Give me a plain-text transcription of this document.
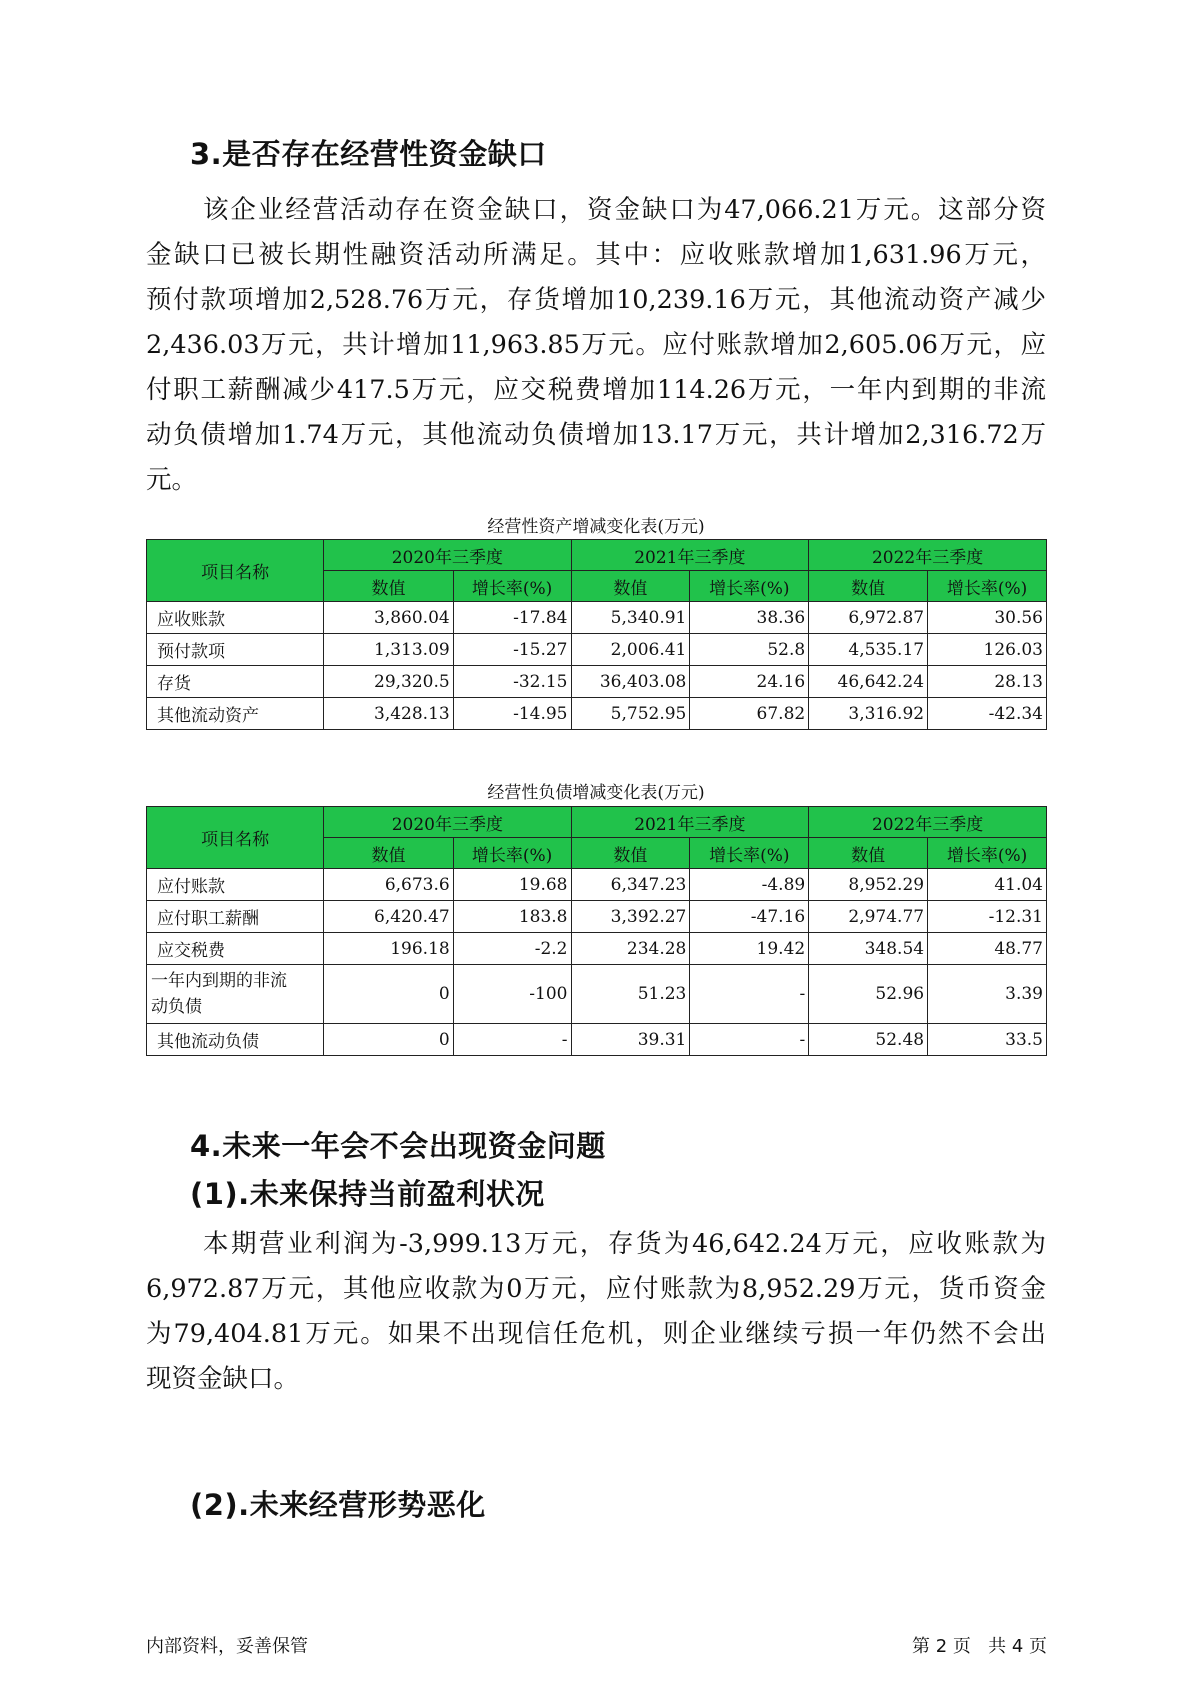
3.是否存在经营性资金缺口
该企业经营活动存在资金缺口，资金缺口为47,066.21万元。这部分资
金缺口已被长期性融资活动所满足。其中：应收账款增加1,631.96万元，
预付款项增加2,528.76万元，存货增加10,239.16万元，其他流动资产减少
2,436.03万元，共计增加11,963.85万元。应付账款增加2,605.06万元，应
付职工薪酬减少417.5万元，应交税费增加114.26万元，一年内到期的非流
动负债增加1.74万元，其他流动负债增加13.17万元，共计增加2,316.72万
元。
经营性资产增减变化表(万元)
项目名称	2020年三季度		2021年三季度		2022年三季度	
	数值	增长率(%)	数值	增长率(%)	数值	增长率(%)
应收账款	3,860.04	-17.84	5,340.91	38.36	6,972.87	30.56
预付款项	1,313.09	-15.27	2,006.41	52.8	4,535.17	126.03
存货	29,320.5	-32.15	36,403.08	24.16	46,642.24	28.13
其他流动资产	3,428.13	-14.95	5,752.95	67.82	3,316.92	-42.34
经营性负债增减变化表(万元)
项目名称	2020年三季度		2021年三季度		2022年三季度	
	数值	增长率(%)	数值	增长率(%)	数值	增长率(%)
应付账款	6,673.6	19.68	6,347.23	-4.89	8,952.29	41.04
应付职工薪酬	6,420.47	183.8	3,392.27	-47.16	2,974.77	-12.31
应交税费	196.18	-2.2	234.28	19.42	348.54	48.77
一年内到期的非流
动负债	0	-100	51.23	-	52.96	3.39
其他流动负债	0	-	39.31	-	52.48	33.5
4.未来一年会不会出现资金问题
(1).未来保持当前盈利状况
本期营业利润为-3,999.13万元，存货为46,642.24万元，应收账款为
6,972.87万元，其他应收款为0万元，应付账款为8,952.29万元，货币资金
为79,404.81万元。如果不出现信任危机，则企业继续亏损一年仍然不会出
现资金缺口。
(2).未来经营形势恶化
内部资料，妥善保管	第 2 页   共 4 页
